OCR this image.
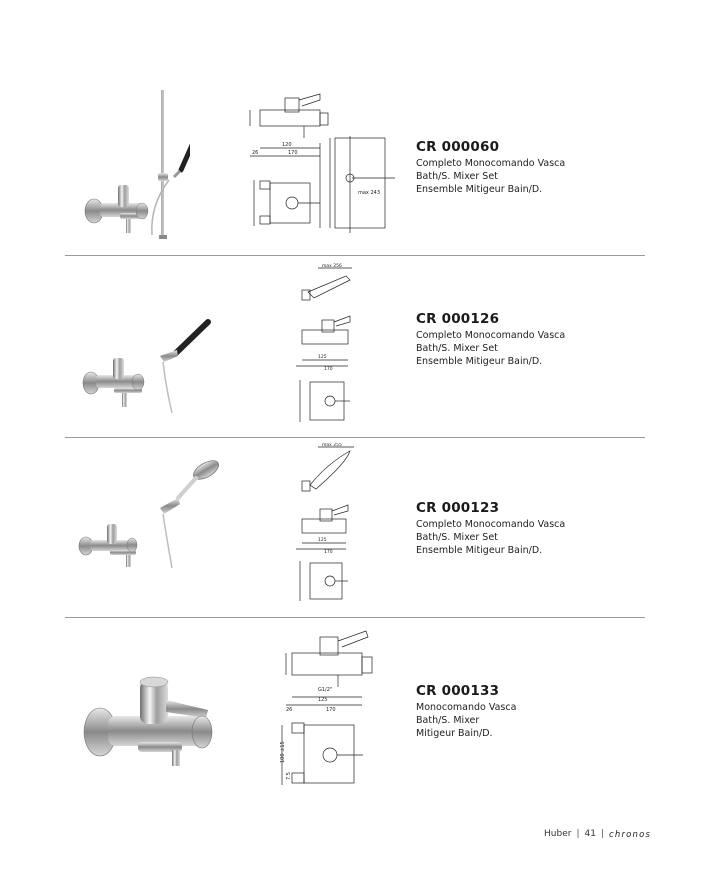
120
170
26
max 243
CR 000060
Completo Monocomando Vasca
Bath/S. Mixer Set
Ensemble Mitigeur Bain/D.
max 256
125
170
CR 000126
Completo Monocomando Vasca
Bath/S. Mixer Set
Ensemble Mitigeur Bain/D.
max 255
125
170
CR 000123
Completo Monocomando Vasca
Bath/S. Mixer Set
Ensemble Mitigeur Bain/D.
G1/2"
125
170
26
100 ±15
7.5
CR 000133
Monocomando Vasca
Bath/S. Mixer
Mitigeur Bain/D.
Huber | 41 | chronos
